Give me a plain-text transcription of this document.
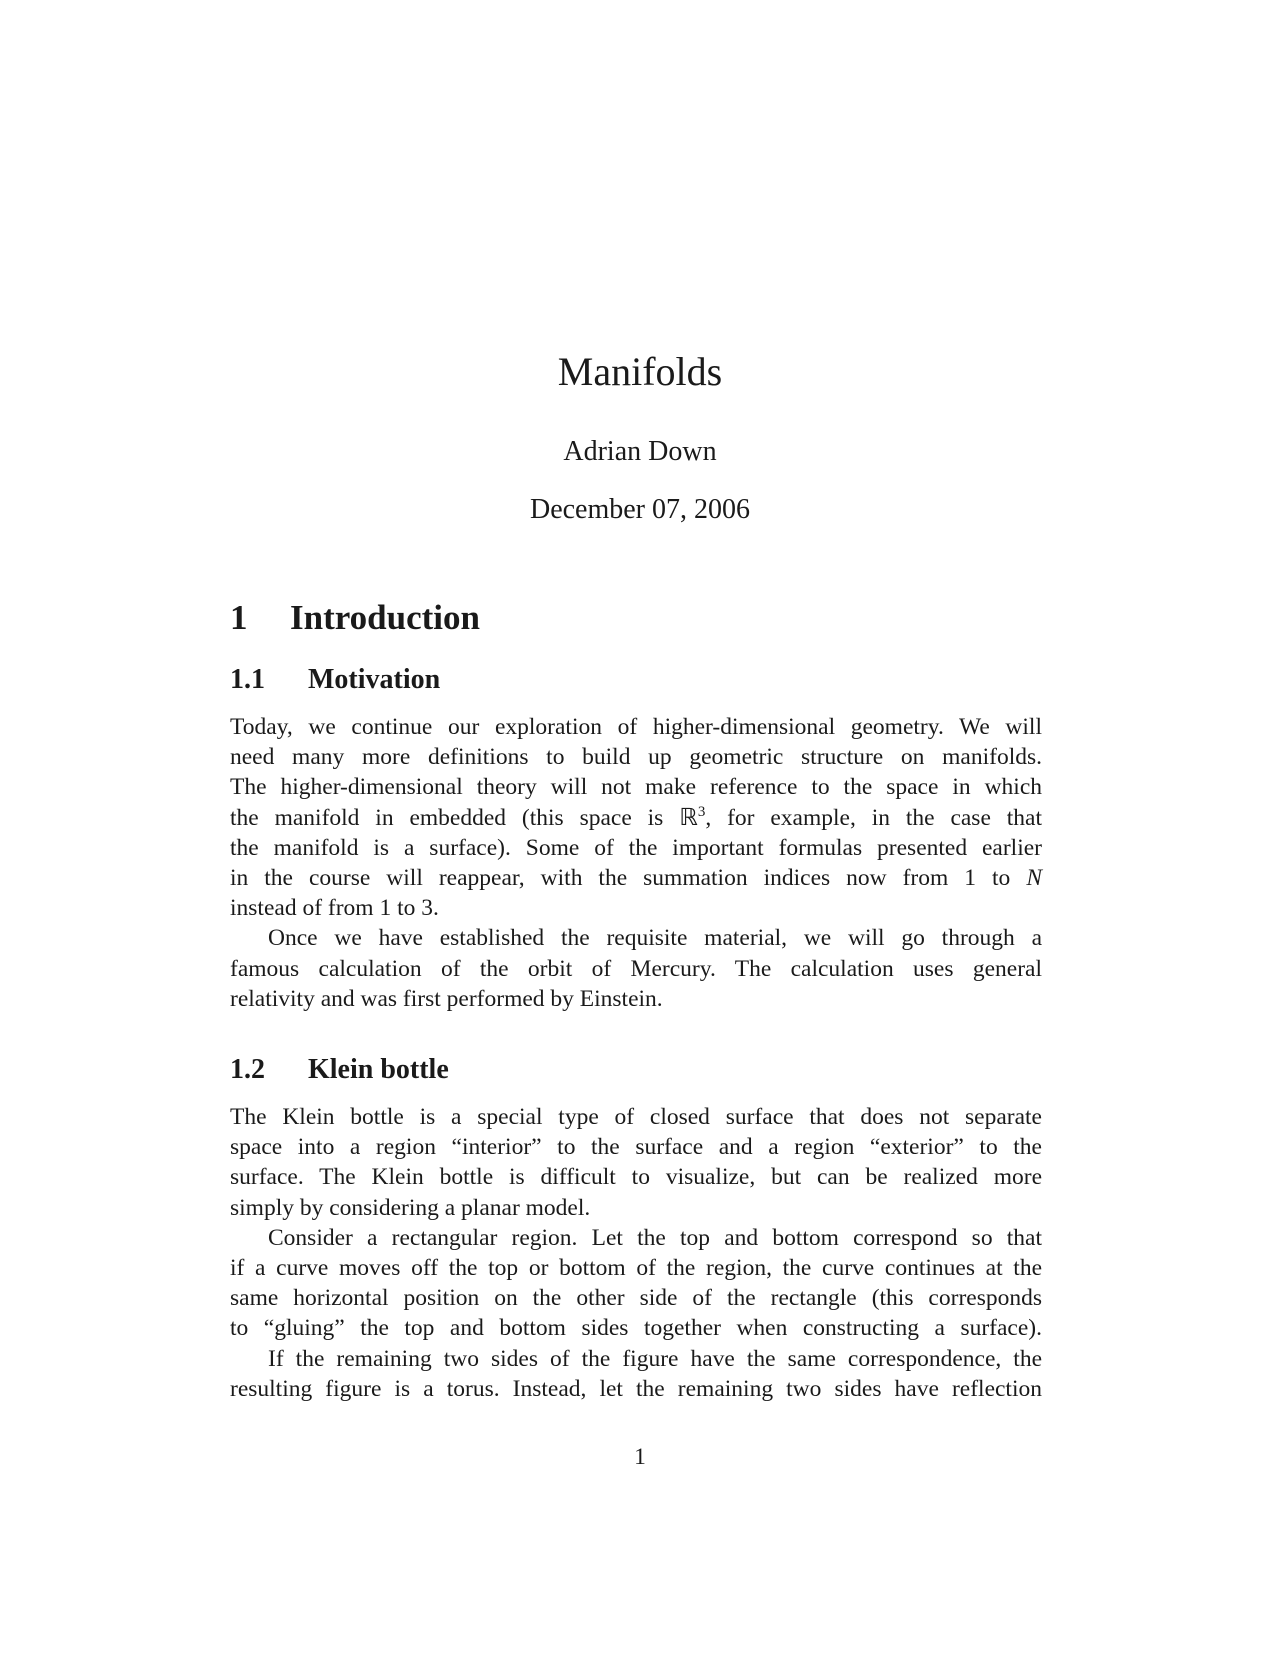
Manifolds
Adrian Down
December 07, 2006
1 Introduction
1.1 Motivation
Today, we continue our exploration of higher-dimensional geometry. We will
need many more definitions to build up geometric structure on manifolds.
The higher-dimensional theory will not make reference to the space in which
the manifold in embedded (this space is ℝ$^3$, for example, in the case that
the manifold is a surface). Some of the important formulas presented earlier
in the course will reappear, with the summation indices now from 1 to N
instead of from 1 to 3.
Once we have established the requisite material, we will go through a
famous calculation of the orbit of Mercury. The calculation uses general
relativity and was first performed by Einstein.
1.2 Klein bottle
The Klein bottle is a special type of closed surface that does not separate
space into a region “interior” to the surface and a region “exterior” to the
surface. The Klein bottle is difficult to visualize, but can be realized more
simply by considering a planar model.
Consider a rectangular region. Let the top and bottom correspond so that
if a curve moves off the top or bottom of the region, the curve continues at the
same horizontal position on the other side of the rectangle (this corresponds
to “gluing” the top and bottom sides together when constructing a surface).
If the remaining two sides of the figure have the same correspondence, the
resulting figure is a torus. Instead, let the remaining two sides have reflection
1
